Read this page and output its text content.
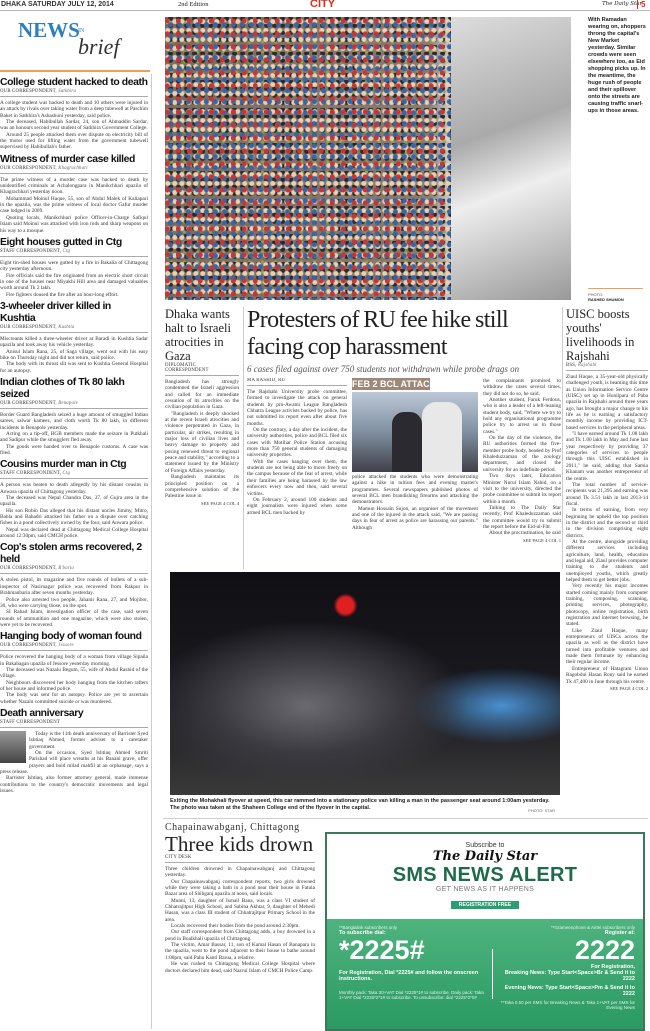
DHAKA SATURDAY JULY 12, 2014	2nd Edition	CITY	The Daily Star
5
NEWS
IN
brief
College student hacked to death
OUR CORRESPONDENT, Satkhira

A college student was hacked to death and 10 others were injured in an attack by rivals over taking water from a deep tubewell at Paschim Baket in Satkhira's Ashashuni yesterday, said police.

The deceased, Habibullah Sardar, 24, son of Ahmaddin Sardar, was an honours second year student of Satkhira Government College.

Around 25 people attacked them over dispute on electricity bill of the motor used for lifting water from the government tubewell supervised by Habibullah's father.

Witness of murder case killed
OUR CORRESPONDENT, Khagrachhari

The prime witness of a murder case was hacked to death by unidentified criminals at Achalongpara in Manikchhari upazila of Khagrachhari yesterday noon.

Mohammad Moinul Haque, 55, son of Abdul Malek of Kaliapari in the upazila, was the prime witness of local doctor Gafur murder case lodged in 2009.

Quoting locals, Manikchhari police Officer-in-Charge Safiqul Islam said Moinul was attacked with iron rods and sharp weapons on his way to a mosque.

Eight houses gutted in Ctg
STAFF CORRESPONDENT, Ctg

Eight tin-shed houses were gutted by a fire in Bakalia of Chittagong city yesterday afternoon.

Fire officials said the fire originated from an electric short circuit in one of the houses near Miyakhi Hill area and damaged valuables worth around Tk 2 lakh.

Fire fighters doused the fire after an hour-long effort.

3-wheeler driver killed in Kushtia
OUR CORRESPONDENT, Kushtia

Miscreants killed a three-wheeler driver at Baradi in Kushtia Sadar upazila and took away his vehicle yesterday.

Anisul Islam Rana, 25, of Saga village, went out with his easy bike on Thursday night and did not return, said police.

The body with its throat slit was sent to Kushtia General Hospital for an autopsy.

Indian clothes of Tk 80 lakh seized
OUR CORRESPONDENT, Benapole

Border Guard Bangladesh seized a huge amount of smuggled Indian sarees, salwar kameez, and cloth worth Tk 80 lakh, in different incidents in Benapole yesterday.

Acting on a tip-off, BGB members made the seizure in Putkhali and Sadipur while the smugglers fled away.

The goods were handed over to Benapole customs. A case was filed.

Cousins murder man in Ctg
STAFF CORRESPONDENT, Ctg

A person was beaten to death allegedly by his distant cousins in Anwara upazila of Chittagong yesterday.

The deceased was Nepal Chandra Das, 37, of Gujra area in the upazila.

His son Robin Das alleged that his distant uncles Jimmy, Mitro, Babla and Bahadri attacked his father on a dispute over catching fishes in a pond collectively owned by the four, said Anwara police.

Nepal was declared dead at Chittagong Medical College Hospital around 12:30pm, said CMCH police.

Cop's stolen arms recovered, 2 held
OUR CORRESPONDENT, B'baria

A stolen pistol, its magazine and five rounds of bullets of a sub-inspector of Nasirnagar police was recovered from Rakpur in Brahmanbaria after seven months yesterday.

Police also arrested two people, Jahanir Rana, 27, and Mojibor, 30, who were carrying those, on the spot.

SI Rahad Islam, investigation officer of the case, said seven rounds of ammunition and one magazine, which were also stolen, were yet to be recovered.

Hanging body of woman found
OUR CORRESPONDENT, Jessore

Police recovered the hanging body of a woman from village Sipaila in Bakabagan upazila of Jessore yesterday morning.

The deceased was Nazalu Begum, 55, wife of Abdul Rashid of the village.

Neighbours discovered her body hanging from the kitchen rafters of her house and informed police.

The body was sent for an autopsy. Police are yet to ascertain whether Nazalu committed suicide or was murdered.

Death anniversary
STAFF CORRESPONDENT

Today is the 11th death anniversary of Barrister Syed Ishtiaq Ahmed, former adviser to a caretaker government.

On the occasion, Syed Ishtiaq Ahmed Smriti Parishad will place wreaths at his Banani grave, offer prayers and hold milad mahfil at an orphanage, says a press release.

Barrister Ishtiaq, also former attorney general, made immense contributions to the country's democratic movements and legal issues.

With Ramadan wearing on, shoppers throng the capital's New Market yesterday. Similar crowds were seen elsewhere too, as Eid shopping picks up. In the meantime, the huge rush of people and their spillover onto the streets are causing traffic snarl-ups in those areas.
PHOTO:
RASHED SHUMON
Dhaka wants halt to Israeli atrocities in Gaza
DIPLOMATIC CORRESPONDENT

Bangladesh has strongly condemned the Israeli aggression and called for an immediate cessation of its atrocities on the civilian population in Gaza.

"Bangladesh is deeply shocked at the recent Israeli atrocities and violence perpetrated in Gaza, in particular, air strikes, resulting in major loss of civilian lives and heavy damage to property and posing renewed threat to regional peace and stability," according to a statement issued by the Ministry of Foreign Affairs yesterday.

Bangladesh maintains its principled position on a comprehensive solution of the Palestine issue in

SEE PAGE 4 COL 4
Protesters of RU fee hike still facing cop harassment
6 cases filed against over 750 students not withdrawn while probe drags on
MA RASHID, RU

The Rajshahi University probe committee, formed to investigate the attack on general students by pro-Awami League Bangladesh Chhatra League activists backed by police, has not submitted its report even after about five months.

On the contrary, a day after the incident, the university authorities, police and BCL filed six cases with Motihar Police Station accusing more than 750 general students of damaging university properties.

With the cases hanging over them, the students are not being able to move freely on the campus because of the fear of arrest, while their families are being harassed by the law enforcers every now and then, said several victims.

On February 2, around 100 students and eight journalists were injured when some armed BCL men backed by

police attacked the students who were demonstrating against a hike in tuition fees and evening master's programmes. Several newspapers published photos of several BCL men brandishing firearms and attacking the demonstrators.

Mamun Hossain Sujon, an organiser of the movement and one of the injured in the attack said, "We are passing days in fear of arrest as police are harassing our parents." Although

the complainants promised to withdraw the cases several times, they did not do so, he said.

Another student, Faruk Ferdous, who is also a leader of a left-leaning student body, said, "Where we try to hold any organisational programme police try to arrest us in those cases."

On the day of the violence, the RU authorities formed the five-member probe body, headed by Prof Khaleduzzaman of the zoology department, and closed the university for an indefinite period.

Two days later, Education Minister Nurul Islam Nahid, on a visit to the university, directed the probe committee to submit its report within a month.

Talking to The Daily Star recently, Prof Khaleduzzaman said the committee would try to submit the report before the Eid-ul-Fitr.

About the procrastination, he said

SEE PAGE 4 COL 1
FEB 2 BCL ATTACK
UISC boosts youths' livelihoods in Rajshahi
BSS, Rajshahi

Ziaul Haque, a 35-year-old physically challenged youth, is beaming this time as Union Information Service Centre (UISC) set up in Hunilpara of Paba upazila in Rajshahi around three years ago, has brought a major change to his life as he is earning a satisfactory monthly income by providing ICT-based services in the peripheral areas.

"I have earned around Tk 1.08 lakh and Tk 1.00 lakh in May and June last year respectively by providing 37 categories of services to people through this UISC established in 2011," he said, adding that Samia Khanam was another entrepreneur of the centre.

The total number of service-recipients was 21,395 and earning was around Tk 3.51 lakh in last 2013-14 fiscal.

In terms of earning, from very beginning he upheld the top position in the district and the second or third in the division comprising eight districts.

At the centre, alongside providing different services including agriculture, land, health, education and legal aid, Ziaul provides computer training to the students and unemployed youths, which greatly helped them to get better jobs.

Very recently his major incomes started coming mainly from computer training, composing, scanning, printing services, photography, photocopy, online registration, birth registration and internet browsing, he stated.

Like Ziaul Haque, many entrepreneurs of UISCs across the upazila as well as the district have turned into profitable ventures and made them fortunate by enhancing their regular income.

Entrepreneur of Hatagram Union Ragobdul Hasan Rony said he earned Tk 47,400 in June through his centre.

SEE PAGE 4 COL 2
Exiting the Mohakhali flyover at speed, this car rammed into a stationary police van killing a man in the passenger seat around 1:00am yesterday. The photo was taken at the Shaheen College end of the flyover in the capital.	PHOTO: STAR
Chapainawabganj, Chittagong
Three kids drown
CITY DESK

Three children drowned in Chapainawabganj and Chittagong yesterday.

Our Chapainawabganj correspondent reports, two girls drowned while they were taking a bath in a pond near their house in Fatula Bazar area of Shibganj upazila at noon, said locals.

Munni, 13, daughter of Ismail Bana, was a class VI student of Chhatrajitpur High School, and Sabina Akhtar, 9, daughter of Mehedi Hasan, was a class III student of Chhatrajitpur Primary School in the area.

Locals recovered their bodies from the pond around 2:30pm.

Our staff correspondent from Chittagong adds, a boy drowned in a pond in Boalkhali upazila of Chittagong.

The victim, Amar Bassar, 11, son of Kamal Hasan of Banapara in the upazila, went to the pond adjacent to their house to bathe around 1:00pm, said Pahu Kanti Barua, a relative.

He was rushed to Chittagong Medical College Hospital where doctors declared him dead, said Nazrul Islam of CMCH Police Camp.

Subscribe to
The Daily Star
SMS NEWS ALERT
GET NEWS AS IT HAPPENS
REGISTRATION FREE
**Banglalink subscribers only
To subscribe dial:
*2225#
For Registration, Dial *2225# and follow the onscreen instructions.
Monthly pack: Taka 30+VAT Dial *2225*1# to subscribe. Daily pack: Taka 1+VAT Dial *2225*2*1# to subscribe. To unsubscribe: dial *2225*2*0#
**Grameenphone & Airtel subscribers only
Register at:
2222
For Registration,
Breaking News: Type Start<Space>Br & Send it to 2222
Evening News: Type Start<Space>Pm & Send it to 2222
**Taka 0.50 per SMS for Breaking News & Taka 1+VAT per SMS for Evening News
